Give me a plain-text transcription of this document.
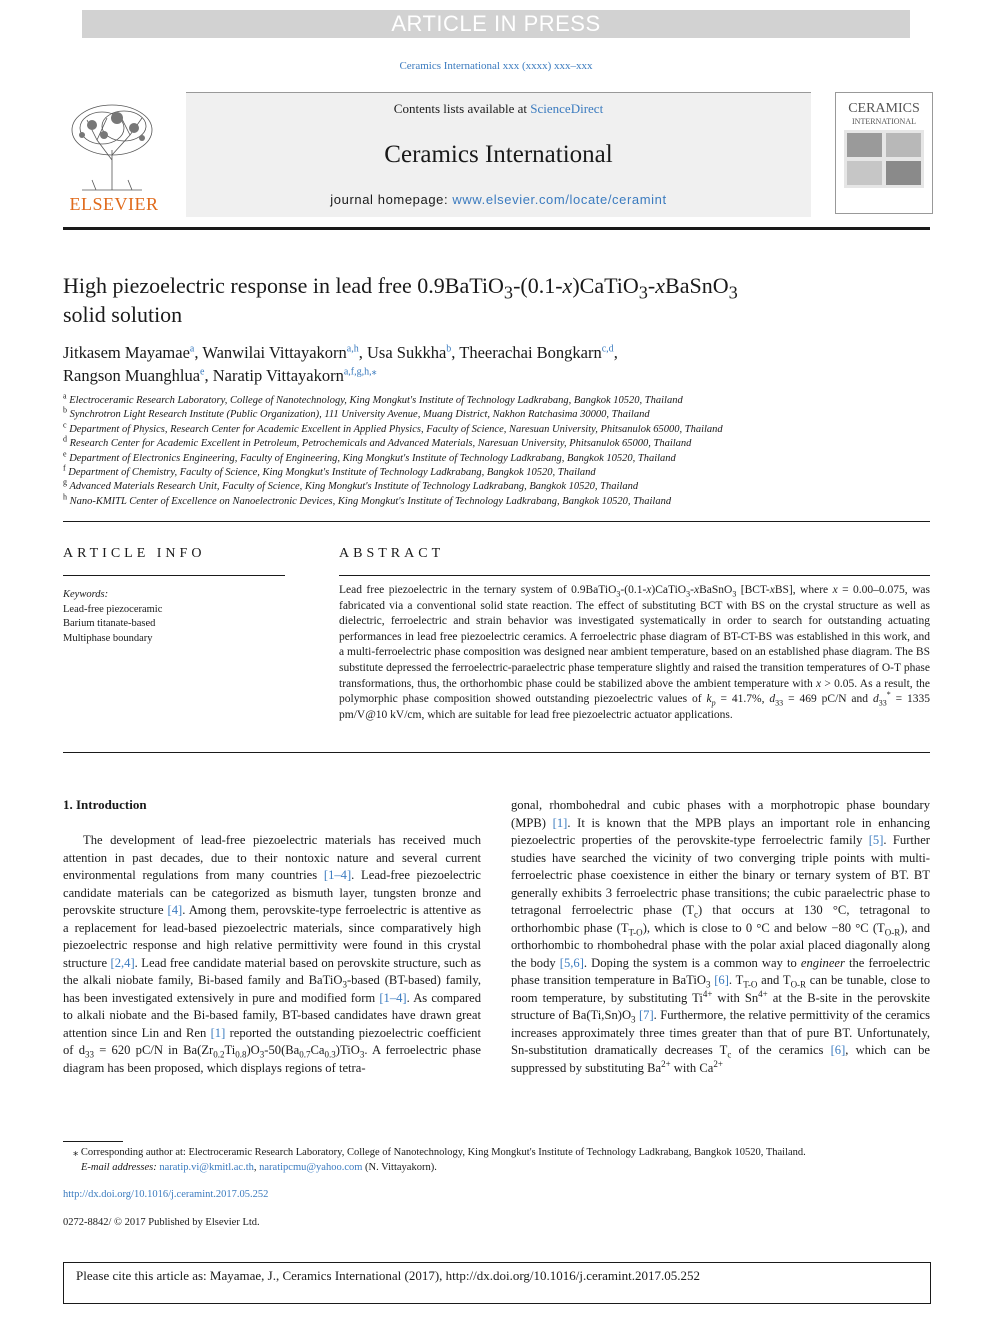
ARTICLE IN PRESS
Ceramics International xxx (xxxx) xxx–xxx
ELSEVIER
Contents lists available at ScienceDirect
Ceramics International
journal homepage: www.elsevier.com/locate/ceramint
CERAMICS
INTERNATIONAL
High piezoelectric response in lead free 0.9BaTiO$_3$-(0.1-x)CaTiO$_3$-xBaSnO$_3$
solid solution
Jitkasem Mayamae$^a$, Wanwilai Vittayakorn$^{a,h}$, Usa Sukkha$^b$, Theerachai Bongkarn$^{c,d}$,
Rangson Muanghlua$^e$, Naratip Vittayakorn$^{a,f,g,h,⁎}$
$^a$ Electroceramic Research Laboratory, College of Nanotechnology, King Mongkut's Institute of Technology Ladkrabang, Bangkok 10520, Thailand
$^b$ Synchrotron Light Research Institute (Public Organization), 111 University Avenue, Muang District, Nakhon Ratchasima 30000, Thailand
$^c$ Department of Physics, Research Center for Academic Excellent in Applied Physics, Faculty of Science, Naresuan University, Phitsanulok 65000, Thailand
$^d$ Research Center for Academic Excellent in Petroleum, Petrochemicals and Advanced Materials, Naresuan University, Phitsanulok 65000, Thailand
$^e$ Department of Electronics Engineering, Faculty of Engineering, King Mongkut's Institute of Technology Ladkrabang, Bangkok 10520, Thailand
$^f$ Department of Chemistry, Faculty of Science, King Mongkut's Institute of Technology Ladkrabang, Bangkok 10520, Thailand
$^g$ Advanced Materials Research Unit, Faculty of Science, King Mongkut's Institute of Technology Ladkrabang, Bangkok 10520, Thailand
$^h$ Nano-KMITL Center of Excellence on Nanoelectronic Devices, King Mongkut's Institute of Technology Ladkrabang, Bangkok 10520, Thailand
ARTICLE INFO
Keywords:
Lead-free piezoceramic
Barium titanate-based
Multiphase boundary
ABSTRACT
Lead free piezoelectric in the ternary system of 0.9BaTiO$_3$-(0.1-x)CaTiO$_3$-xBaSnO$_3$ [BCT-xBS], where x = 0.00–0.075, was fabricated via a conventional solid state reaction. The effect of substituting BCT with BS on the crystal structure as well as dielectric, ferroelectric and strain behavior was investigated systematically in order to search for outstanding actuating performances in lead free piezoelectric ceramics. A ferroelectric phase diagram of BT-CT-BS was established in this work, and a multi-ferroelectric phase composition was designed near ambient temperature, based on an established phase diagram. The BS substitute depressed the ferroelectric-paraelectric phase temperature slightly and raised the transition temperatures of O-T phase transformations, thus, the orthorhombic phase could be stabilized above the ambient temperature with x > 0.05. As a result, the polymorphic phase composition showed outstanding piezoelectric values of $k_p = 41.7\%$, $d_{33} = 469$ pC/N and $d_{33}^* = 1335$ pm/V@10 kV/cm, which are suitable for lead free piezoelectric actuator applications.
1. Introduction
The development of lead-free piezoelectric materials has received much attention in past decades, due to their nontoxic nature and several current environmental regulations from many countries [1–4]. Lead-free piezoelectric candidate materials can be categorized as bismuth layer, tungsten bronze and perovskite structure [4]. Among them, perovskite-type ferroelectric is attentive as a replacement for lead-based piezoelectric materials, since comparatively high piezoelectric response and high relative permittivity were found in this crystal structure [2,4]. Lead free candidate material based on perovskite structure, such as the alkali niobate family, Bi-based family and BaTiO$_3$-based (BT-based) family, has been investigated extensively in pure and modified form [1–4]. As compared to alkali niobate and the Bi-based family, BT-based candidates have drawn great attention since Lin and Ren [1] reported the outstanding piezoelectric coefficient of $d_{33} = 620$ pC/N in $Ba(Zr_{0.2}Ti_{0.8})O_3-50(Ba_{0.7}Ca_{0.3})TiO_3$. A ferroelectric phase diagram has been proposed, which displays regions of tetra-
gonal, rhombohedral and cubic phases with a morphotropic phase boundary (MPB) [1]. It is known that the MPB plays an important role in enhancing piezoelectric properties of the perovskite-type ferroelectric family [5]. Further studies have searched the vicinity of two converging triple points with multi-ferroelectric phase coexistence in either the binary or ternary system of BT. BT generally exhibits 3 ferroelectric phase transitions; the cubic paraelectric phase to tetragonal ferroelectric phase $(T_c)$ that occurs at 130 °C, tetragonal to orthorhombic phase $(T_{T-O})$, which is close to 0 °C and below −80 °C $(T_{O-R})$, and orthorhombic to rhombohedral phase with the polar axial placed diagonally along the body [5,6]. Doping the system is a common way to engineer the ferroelectric phase transition temperature in BaTiO$_3$ [6]. $T_{T-O}$ and $T_{O-R}$ can be tunable, close to room temperature, by substituting $Ti^{4+}$ with $Sn^{4+}$ at the B-site in the perovskite structure of $Ba(Ti,Sn)O_3$ [7]. Furthermore, the relative permittivity of the ceramics increases approximately three times greater than that of pure BT. Unfortunately, Sn-substitution dramatically decreases $T_c$ of the ceramics [6], which can be suppressed by substituting $Ba^{2+}$ with $Ca^{2+}$
⁎ Corresponding author at: Electroceramic Research Laboratory, College of Nanotechnology, King Mongkut's Institute of Technology Ladkrabang, Bangkok 10520, Thailand.
E-mail addresses: naratip.vi@kmitl.ac.th, naratipcmu@yahoo.com (N. Vittayakorn).
http://dx.doi.org/10.1016/j.ceramint.2017.05.252
0272-8842/ © 2017 Published by Elsevier Ltd.
Please cite this article as: Mayamae, J., Ceramics International (2017), http://dx.doi.org/10.1016/j.ceramint.2017.05.252
